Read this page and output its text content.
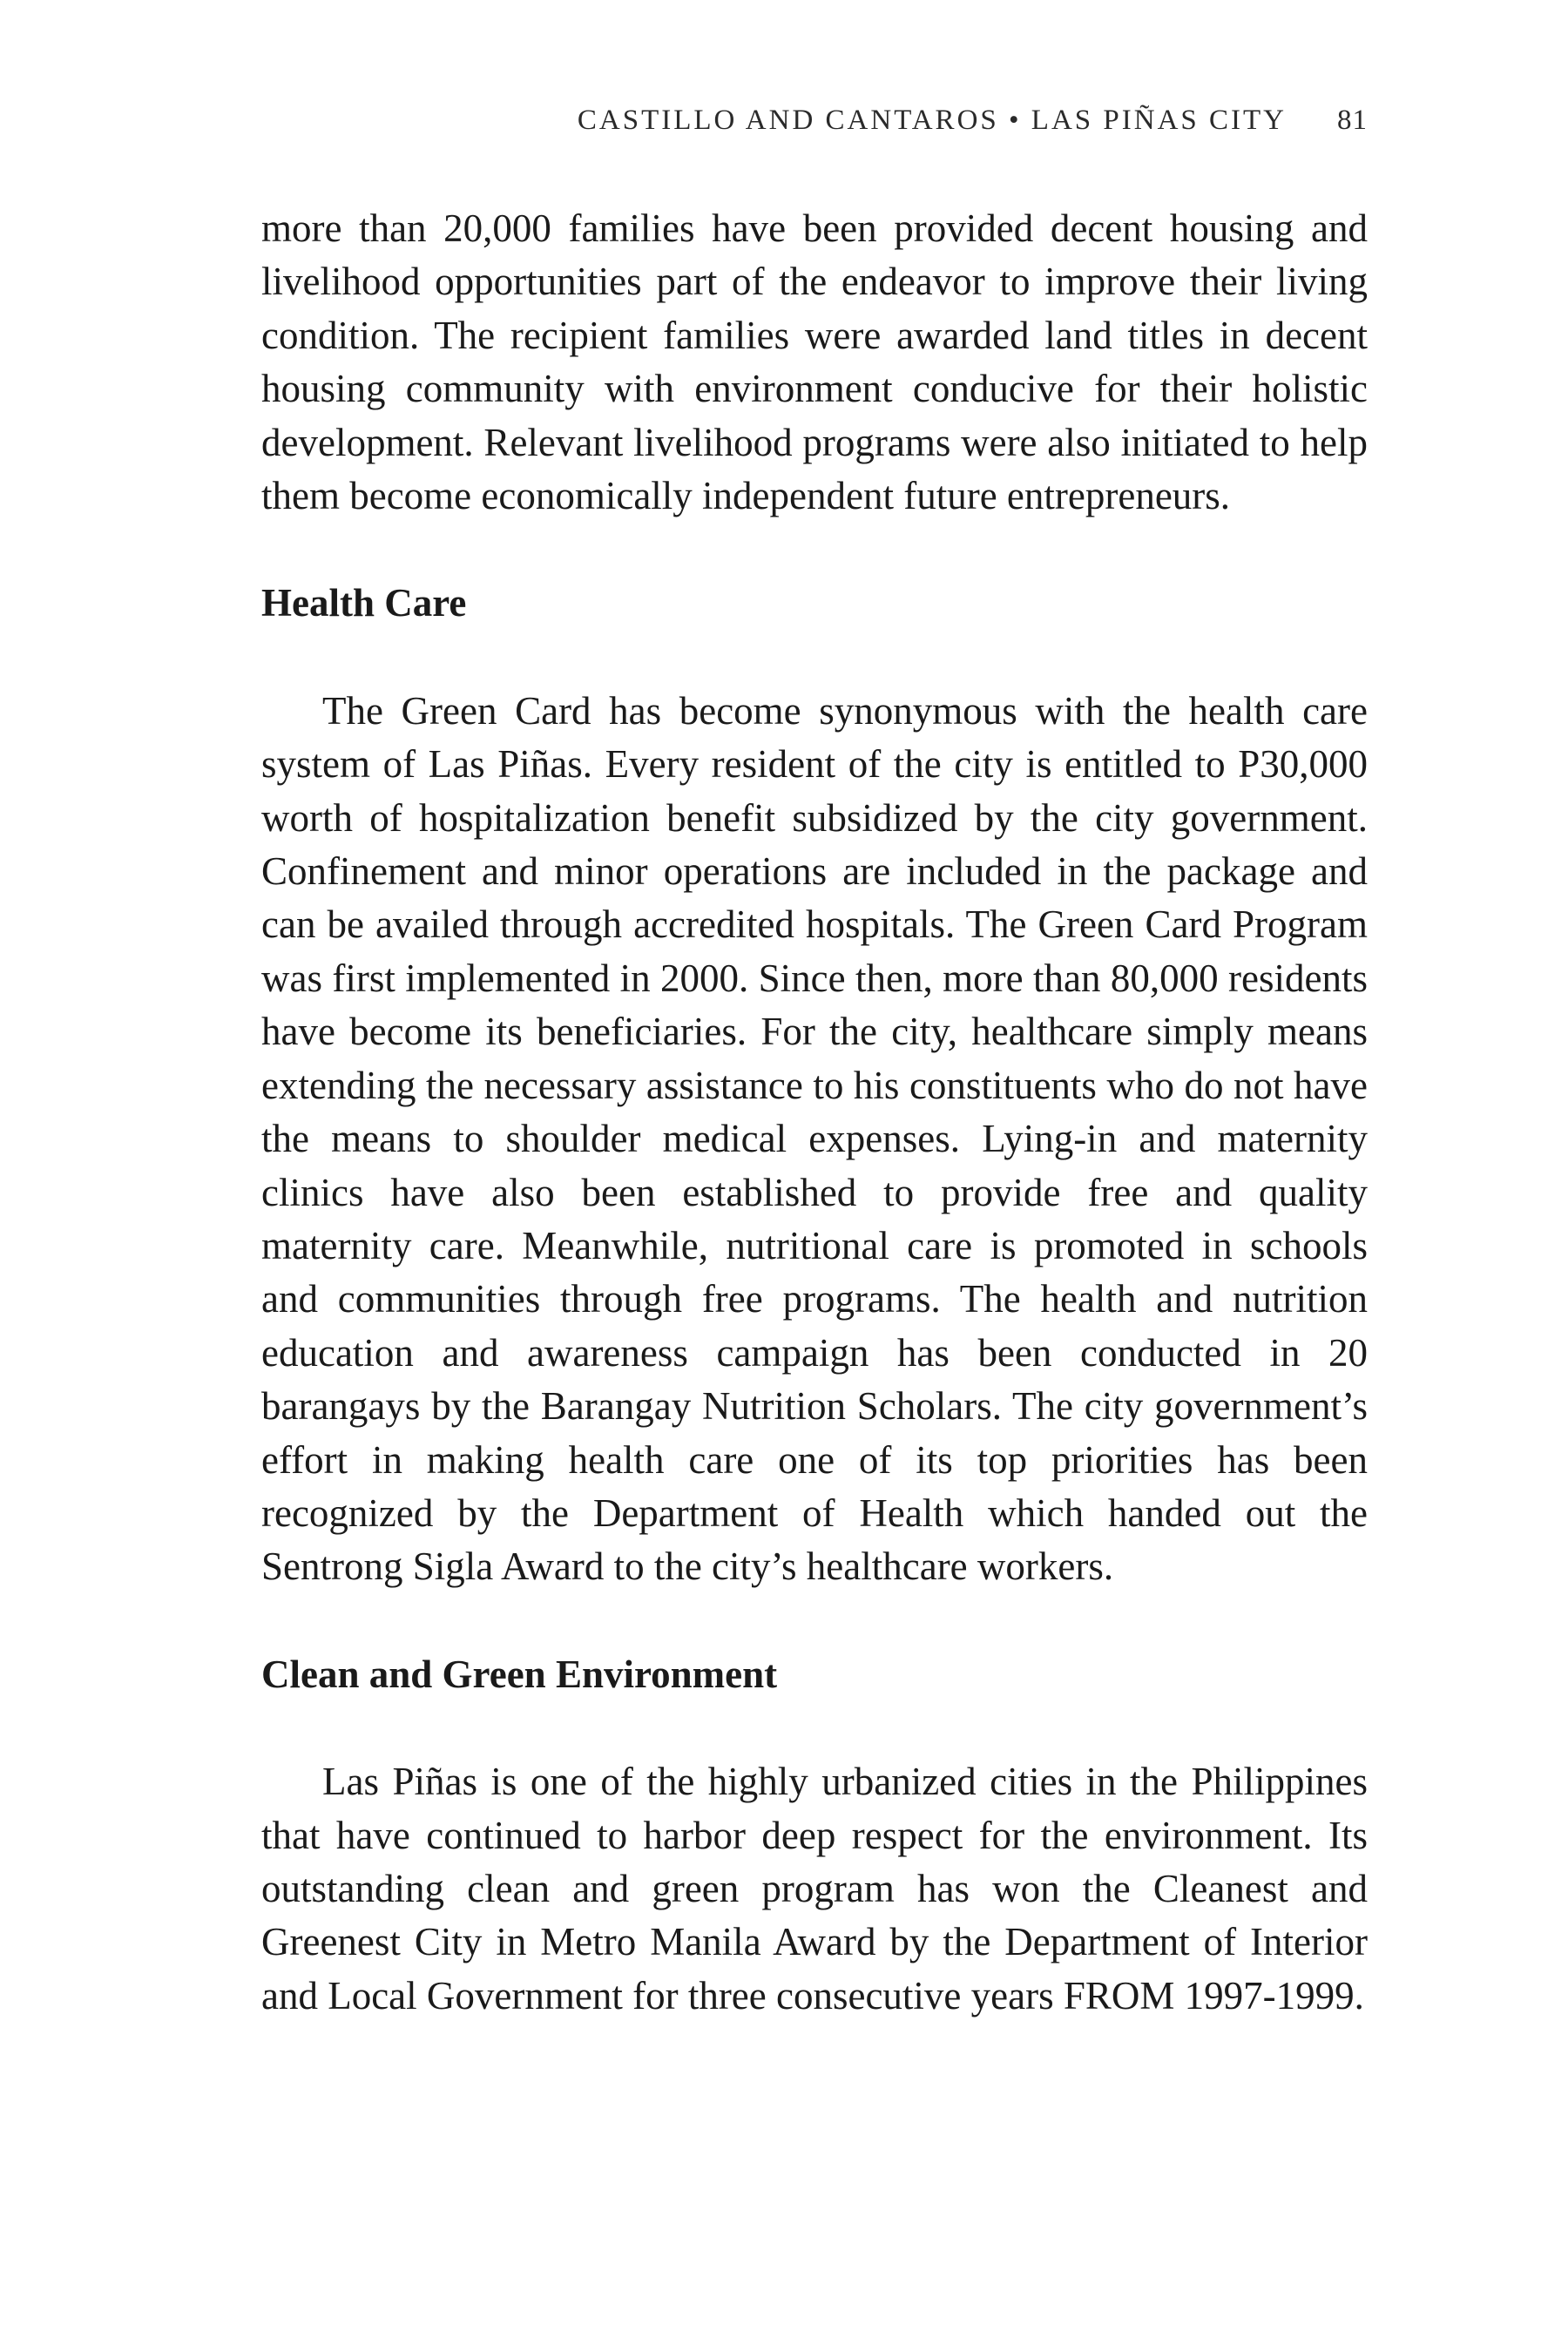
CASTILLO AND CANTAROS • LAS PIÑAS CITY 81

more than 20,000 families have been provided decent housing and livelihood opportunities part of the endeavor to improve their living condition. The recipient families were awarded land titles in decent housing community with environment conducive for their holistic development. Relevant livelihood programs were also initiated to help them become economically independent future entrepreneurs.

Health Care

The Green Card has become synonymous with the health care system of Las Piñas. Every resident of the city is entitled to P30,000 worth of hospitalization benefit subsidized by the city government. Confinement and minor operations are included in the package and can be availed through accredited hospitals. The Green Card Program was first implemented in 2000. Since then, more than 80,000 residents have become its beneficiaries. For the city, healthcare simply means extending the necessary assistance to his constituents who do not have the means to shoulder medical expenses. Lying-in and maternity clinics have also been established to provide free and quality maternity care. Meanwhile, nutritional care is promoted in schools and communities through free programs. The health and nutrition education and awareness campaign has been conducted in 20 barangays by the Barangay Nutrition Scholars. The city government’s effort in making health care one of its top priorities has been recognized by the Department of Health which handed out the Sentrong Sigla Award to the city’s healthcare workers.

Clean and Green Environment

Las Piñas is one of the highly urbanized cities in the Philippines that have continued to harbor deep respect for the environment. Its outstanding clean and green program has won the Cleanest and Greenest City in Metro Manila Award by the Department of Interior and Local Government for three consecutive years FROM 1997-1999.
